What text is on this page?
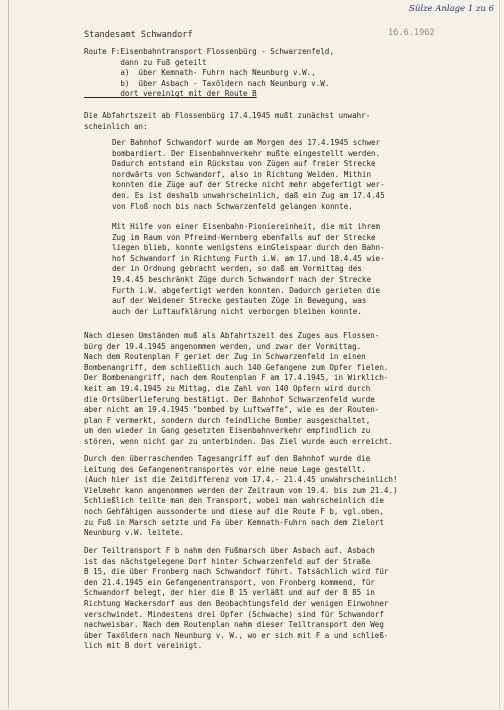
Sülze Anlage 1 zu 6
Standesamt Schwandorf	16.6.1962

Route F:Eisenbahntransport Flossenbürg - Schwarzenfeld,

dann zu Fuß geteilt

a)  über Kemnath- Fuhrn nach Neunburg v.W.,

b)  über Asbach - Taxöldern nach Neunburg v.W.

dort vereinigt mit der Route B

Die Abfahrtszeit ab Flossenbürg 17.4.1945 mußt zunächst unwahr-

scheinlich an:

Der Bahnhof Schwandorf wurde am Morgen des 17.4.1945 schwer

bombardiert. Der Eisenbahnverkehr mußte eingestellt werden.

Dadurch entstand ein Rückstau von Zügen auf freier Strecke

nordwärts von Schwandorf, also in Richtung Weiden. Mithin

konnten die Züge auf der Strecke nicht mehr abgefertigt wer-

den. Es ist deshalb unwahrscheinlich, daß ein Zug am 17.4.45

von Floß noch bis nach Schwarzenfeld gelangen konnte.

Mit Hilfe von einer Eisenbahn-Pioniereinheit, die mit ihrem

Zug im Raum von Pfreimd-Wernberg ebenfalls auf der Strecke

liegen blieb, konnte wenigstens einGleispaar durch den Bahn-

hof Schwandorf in Richtung Furth i.W. am 17.und 18.4.45 wie-

der in Ordnung gebracht werden, so daß am Vormittag des

19.4.45 beschränkt Züge durch Schwandorf nach der Strecke

Furth i.W. abgefertigt werden konnten. Dadurch gerieten die

auf der Weidener Strecke gestauten Züge in Bewegung, was

auch der Luftaufklärung nicht verborgen bleiben konnte.

Nach diesen Umständen muß als Abfahrtszeit des Zuges aus Flossen-

bürg der 19.4.1945 angenommen werden, und zwar der Vormittag.

Nach dem Routenplan F geriet der Zug in Schwarzenfeld in einen

Bombenangriff, dem schließlich auch 140 Gefangene zum Opfer fielen.

Der Bombenangriff, nach dem Routenplan F am 17.4.1945, in Wirklich-

keit am 19.4.1945 zu Mittag, die Zahl von 140 Opfern wird durch

die Ortsüberlieferung bestätigt. Der Bahnhof Schwarzenfeld wurde

aber nicht am 19.4.1945 "bombed by Luftwaffe", wie es der Routen-

plan F vermerkt, sondern durch feindliche Bomber ausgeschaltet,

um den wieder in Gang gesetzten Eisenbahnverkehr empfindlich zu

stören, wenn nicht gar zu unterbinden. Das Ziel wurde auch erreicht.

Durch den überraschenden Tagesangriff auf den Bahnhof wurde die

Leitung des Gefangenentransportes vor eine neue Lage gestellt.

(Auch hier ist die Zeitdifferenz vom 17.4.- 21.4.45 unwahrscheinlich!

Vielmehr kann angenommen werden der Zeitraum vom 19.4. bis zum 21.4.)

Schließlich teilte man den Transport, wobei man wahrscheinlich die

noch Gehfähigen aussonderte und diese auf die Route F b, vgl.oben,

zu Fuß in Marsch setzte und Fa über Kemnath-Fuhrn nach dem Zielort

Neunburg v.W. leitete.

Der Teiltransport F b nahm den Fußmarsch über Asbach auf. Asbach

ist das nächstgelegene Dorf hinter Schwarzenfeld auf der Straße

B 15, die über Fronberg nach Schwandorf führt. Tatsächlich wird für

den 21.4.1945 ein Gefangenentransport, von Fronberg kommend, für

Schwandorf belegt, der hier die B 15 verläßt und auf der B 85 in

Richtung Wackersdorf aus den Beobachtungsfeld der wenigen Einwohner

verschwindet. Mindestens drei Opfer (Schwache) sind für Schwandorf

nachweisbar. Nach dem Routenplan nahm dieser Teiltransport den Weg

über Taxöldern nach Neunburg v. W., wo er sich mit F a und schließ-

lich mit B dort vereinigt.
